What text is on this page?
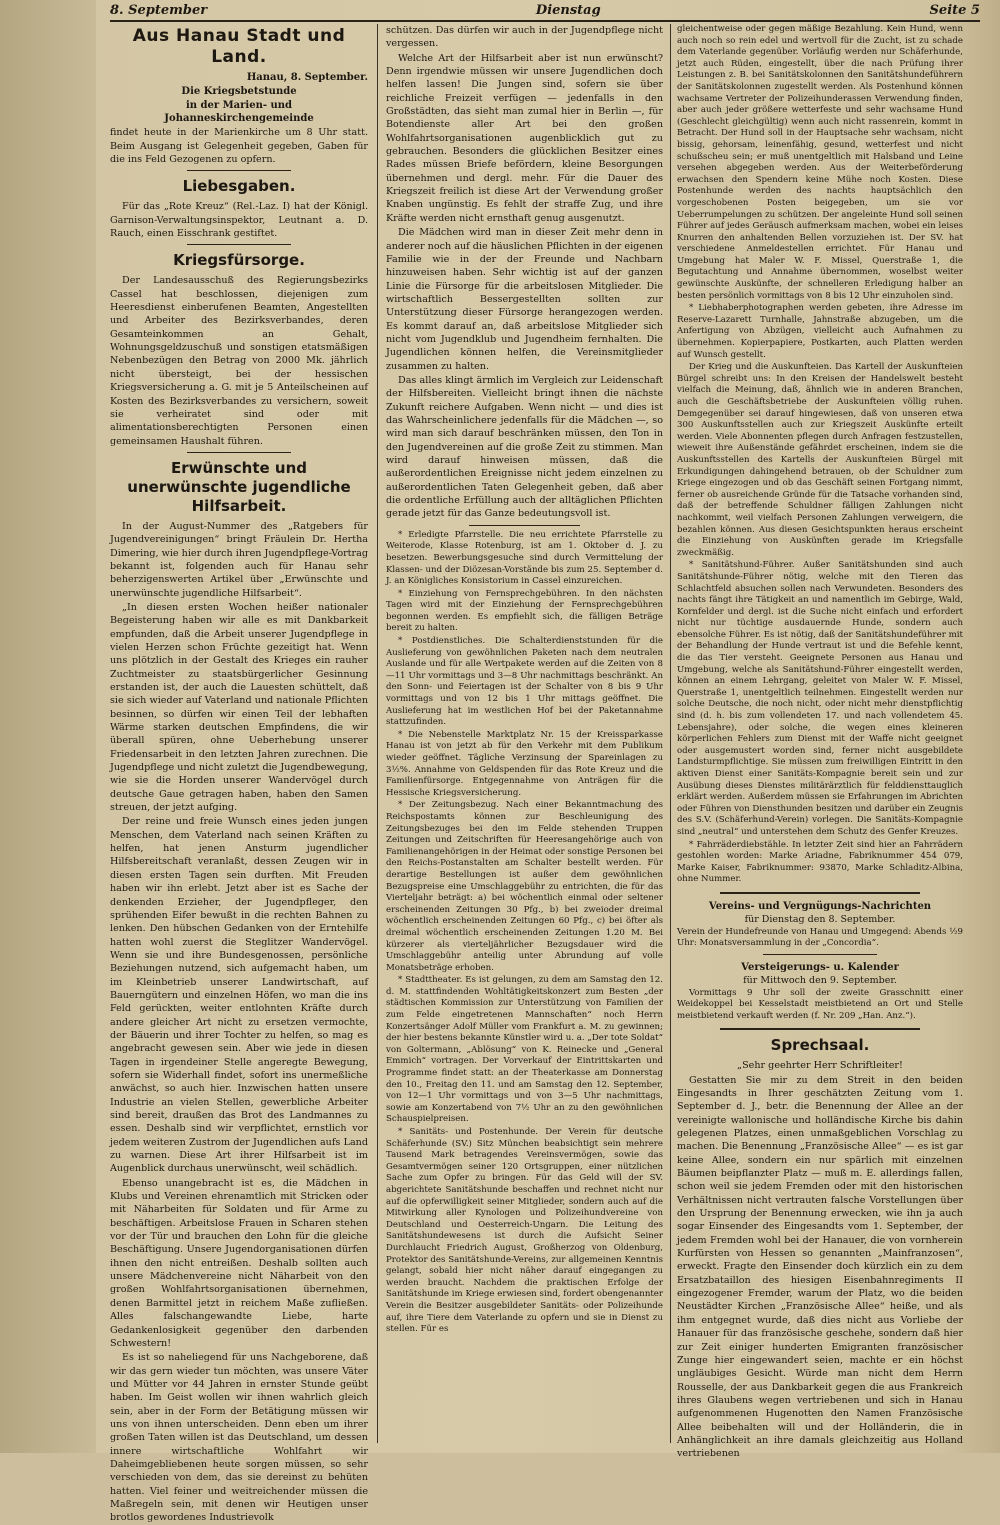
8. September	Dienstag	Seite 5
Aus Hanau Stadt und Land.
Hanau, 8. September.
Die Kriegsbetstunde
in der Marien- und Johanneskirchengemeinde

findet heute in der Marienkirche um 8 Uhr statt. Beim Ausgang ist Gelegenheit gegeben, Gaben für die ins Feld Gezogenen zu opfern.

Liebesgaben.

Für das „Rote Kreuz“ (Rel.-Laz. I) hat der Königl. Garnison-Verwaltungsinspektor, Leutnant a. D. Rauch, einen Eisschrank gestiftet.

Kriegsfürsorge.

Der Landesausschuß des Regierungsbezirks Cassel hat beschlossen, diejenigen zum Heeresdienst einberufenen Beamten, Angestellten und Arbeiter des Bezirksverbandes, deren Gesamteinkommen an Gehalt, Wohnungsgeldzuschuß und sonstigen etatsmäßigen Nebenbezügen den Betrag von 2000 Mk. jährlich nicht übersteigt, bei der hessischen Kriegsversicherung a. G. mit je 5 Anteilscheinen auf Kosten des Bezirksverbandes zu versichern, soweit sie verheiratet sind oder mit alimentationsberechtigten Personen einen gemeinsamen Haushalt führen.

Erwünschte und unerwünschte jugendliche Hilfsarbeit.

In der August-Nummer des „Ratgebers für Jugendvereinigungen“ bringt Fräulein Dr. Hertha Dimering, wie hier durch ihren Jugendpflege-Vortrag bekannt ist, folgenden auch für Hanau sehr beherzigenswerten Artikel über „Erwünschte und unerwünschte jugendliche Hilfsarbeit“.

„In diesen ersten Wochen heißer nationaler Begeisterung haben wir alle es mit Dankbarkeit empfunden, daß die Arbeit unserer Jugendpflege in vielen Herzen schon Früchte gezeitigt hat. Wenn uns plötzlich in der Gestalt des Krieges ein rauher Zuchtmeister zu staatsbürgerlicher Gesinnung erstanden ist, der auch die Lauesten schüttelt, daß sie sich wieder auf Vaterland und nationale Pflichten besinnen, so dürfen wir einen Teil der lebhaften Wärme starken deutschen Empfindens, die wir überall spüren, ohne Ueberhebung unserer Friedensarbeit in den letzten Jahren zurechnen. Die Jugendpflege und nicht zuletzt die Jugendbewegung, wie sie die Horden unserer Wandervögel durch deutsche Gaue getragen haben, haben den Samen streuen, der jetzt aufging.

Der reine und freie Wunsch eines jeden jungen Menschen, dem Vaterland nach seinen Kräften zu helfen, hat jenen Ansturm jugendlicher Hilfsbereitschaft veranlaßt, dessen Zeugen wir in diesen ersten Tagen sein durften. Mit Freuden haben wir ihn erlebt. Jetzt aber ist es Sache der denkenden Erzieher, der Jugendpfleger, den sprühenden Eifer bewußt in die rechten Bahnen zu lenken. Den hübschen Gedanken von der Erntehilfe hatten wohl zuerst die Steglitzer Wandervögel. Wenn sie und ihre Bundesgenossen, persönliche Beziehungen nutzend, sich aufgemacht haben, um im Kleinbetrieb unserer Landwirtschaft, auf Bauerngütern und einzelnen Höfen, wo man die ins Feld gerückten, weiter entlohnten Kräfte durch andere gleicher Art nicht zu ersetzen vermochte, der Bäuerin und ihrer Tochter zu helfen, so mag es angebracht gewesen sein. Aber wie jede in diesen Tagen in irgendeiner Stelle angeregte Bewegung, sofern sie Widerhall findet, sofort ins unermeßliche anwächst, so auch hier. Inzwischen hatten unsere Industrie an vielen Stellen, gewerbliche Arbeiter sind bereit, draußen das Brot des Landmannes zu essen. Deshalb sind wir verpflichtet, ernstlich vor jedem weiteren Zustrom der Jugendlichen aufs Land zu warnen. Diese Art ihrer Hilfsarbeit ist im Augenblick durchaus unerwünscht, weil schädlich.

Ebenso unangebracht ist es, die Mädchen in Klubs und Vereinen ehrenamtlich mit Stricken oder mit Näharbeiten für Soldaten und für Arme zu beschäftigen. Arbeitslose Frauen in Scharen stehen vor der Tür und brauchen den Lohn für die gleiche Beschäftigung. Unsere Jugendorganisationen dürfen ihnen den nicht entreißen. Deshalb sollten auch unsere Mädchenvereine nicht Näharbeit von den großen Wohlfahrtsorganisationen übernehmen, denen Barmittel jetzt in reichem Maße zufließen. Alles falschangewandte Liebe, harte Gedankenlosigkeit gegenüber den darbenden Schwestern!

Es ist so naheliegend für uns Nachgeborene, daß wir das gern wieder tun möchten, was unsere Väter und Mütter vor 44 Jahren in ernster Stunde geübt haben. Im Geist wollen wir ihnen wahrlich gleich sein, aber in der Form der Betätigung müssen wir uns von ihnen unterscheiden. Denn eben um ihrer großen Taten willen ist das Deutschland, um dessen innere wirtschaftliche Wohlfahrt wir Daheimgebliebenen heute sorgen müssen, so sehr verschieden von dem, das sie dereinst zu behüten hatten. Viel feiner und weitreichender müssen die Maßregeln sein, mit denen wir Heutigen unser brotlos gewordenes Industrievolk

schützen. Das dürfen wir auch in der Jugendpflege nicht vergessen.

Welche Art der Hilfsarbeit aber ist nun erwünscht? Denn irgendwie müssen wir unsere Jugendlichen doch helfen lassen! Die Jungen sind, sofern sie über reichliche Freizeit verfügen — jedenfalls in den Großstädten, das sieht man zumal hier in Berlin —, für Botendienste aller Art bei den großen Wohlfahrtsorganisationen augenblicklich gut zu gebrauchen. Besonders die glücklichen Besitzer eines Rades müssen Briefe befördern, kleine Besorgungen übernehmen und dergl. mehr. Für die Dauer des Kriegszeit freilich ist diese Art der Verwendung großer Knaben ungünstig. Es fehlt der straffe Zug, und ihre Kräfte werden nicht ernsthaft genug ausgenutzt.

Die Mädchen wird man in dieser Zeit mehr denn in anderer noch auf die häuslichen Pflichten in der eigenen Familie wie in der der Freunde und Nachbarn hinzuweisen haben. Sehr wichtig ist auf der ganzen Linie die Fürsorge für die arbeitslosen Mitglieder. Die wirtschaftlich Bessergestellten sollten zur Unterstützung dieser Fürsorge herangezogen werden. Es kommt darauf an, daß arbeitslose Mitglieder sich nicht vom Jugendklub und Jugendheim fernhalten. Die Jugendlichen können helfen, die Vereinsmitglieder zusammen zu halten.

Das alles klingt ärmlich im Vergleich zur Leidenschaft der Hilfsbereiten. Vielleicht bringt ihnen die nächste Zukunft reichere Aufgaben. Wenn nicht — und dies ist das Wahrscheinlichere jedenfalls für die Mädchen —, so wird man sich darauf beschränken müssen, den Ton in den Jugendvereinen auf die große Zeit zu stimmen. Man wird darauf hinweisen müssen, daß die außerordentlichen Ereignisse nicht jedem einzelnen zu außerordentlichen Taten Gelegenheit geben, daß aber die ordentliche Erfüllung auch der alltäglichen Pflichten gerade jetzt für das Ganze bedeutungsvoll ist.

* Erledigte Pfarrstelle. Die neu errichtete Pfarrstelle zu Weiterode, Klasse Rotenburg, ist am 1. Oktober d. J. zu besetzen. Bewerbungsgesuche sind durch Vermittelung der Klassen- und der Diözesan-Vorstände bis zum 25. September d. J. an Königliches Konsistorium in Cassel einzureichen.

* Einziehung von Fernsprechgebühren. In den nächsten Tagen wird mit der Einziehung der Fernsprechgebühren begonnen werden. Es empfiehlt sich, die fälligen Beträge bereit zu halten.

* Postdienstliches. Die Schalterdienststunden für die Auslieferung von gewöhnlichen Paketen nach dem neutralen Auslande und für alle Wertpakete werden auf die Zeiten von 8—11 Uhr vormittags und 3—8 Uhr nachmittags beschränkt. An den Sonn- und Feiertagen ist der Schalter von 8 bis 9 Uhr vormittags und von 12 bis 1 Uhr mittags geöffnet. Die Auslieferung hat im westlichen Hof bei der Paketannahme stattzufinden.

* Die Nebenstelle Marktplatz Nr. 15 der Kreissparkasse Hanau ist von jetzt ab für den Verkehr mit dem Publikum wieder geöffnet. Tägliche Verzinsung der Spareinlagen zu 3½%. Annahme von Geldspenden für das Rote Kreuz und die Familienfürsorge. Entgegennahme von Anträgen für die Hessische Kriegsversicherung.

* Der Zeitungsbezug. Nach einer Bekanntmachung des Reichspostamts können zur Beschleunigung des Zeitungsbezuges bei den im Felde stehenden Truppen Zeitungen und Zeitschriften für Heeresangehörige auch von Familienangehörigen in der Heimat oder sonstige Personen bei den Reichs-Postanstalten am Schalter bestellt werden. Für derartige Bestellungen ist außer dem gewöhnlichen Bezugspreise eine Umschlaggebühr zu entrichten, die für das Vierteljahr beträgt: a) bei wöchentlich einmal oder seltener erscheinenden Zeitungen 30 Pfg., b) bei zweioder dreimal wöchentlich erscheinenden Zeitungen 60 Pfg., c) bei öfter als dreimal wöchentlich erscheinenden Zeitungen 1.20 M. Bei kürzerer als vierteljährlicher Bezugsdauer wird die Umschlaggebühr anteilig unter Abrundung auf volle Monatsbeträge erhoben.

* Stadttheater. Es ist gelungen, zu dem am Samstag den 12. d. M. stattfindenden Wohltätigkeitskonzert zum Besten „der städtischen Kommission zur Unterstützung von Familien der zum Felde eingetretenen Mannschaften“ noch Herrn Konzertsänger Adolf Müller vom Frankfurt a. M. zu gewinnen; der hier bestens bekannte Künstler wird u. a. „Der tote Soldat“ von Goltermann, „Ablösung“ von K. Reinecke und „General Emmich“ vortragen. Der Vorverkauf der Eintrittskarten und Programme findet statt: an der Theaterkasse am Donnerstag den 10., Freitag den 11. und am Samstag den 12. September, von 12—1 Uhr vormittags und von 3—5 Uhr nachmittags, sowie am Konzertabend von 7½ Uhr an zu den gewöhnlichen Schauspielpreisen.

* Sanitäts- und Postenhunde. Der Verein für deutsche Schäferhunde (SV.) Sitz München beabsichtigt sein mehrere Tausend Mark betragendes Vereinsvermögen, sowie das Gesamtvermögen seiner 120 Ortsgruppen, einer nützlichen Sache zum Opfer zu bringen. Für das Geld will der SV. abgerichtete Sanitätshunde beschaffen und rechnet nicht nur auf die opferwilligkeit seiner Mitglieder, sondern auch auf die Mitwirkung aller Kynologen und Polizeihundvereine von Deutschland und Oesterreich-Ungarn. Die Leitung des Sanitätshundewesens ist durch die Aufsicht Seiner Durchlaucht Friedrich August, Großherzog von Oldenburg, Protektor des Sanitätshunde-Vereins, zur allgemeinen Kenntnis gelangt, sobald hier nicht näher darauf eingegangen zu werden braucht. Nachdem die praktischen Erfolge der Sanitätshunde im Kriege erwiesen sind, fordert obengenannter Verein die Besitzer ausgebildeter Sanitäts- oder Polizeihunde auf, ihre Tiere dem Vaterlande zu opfern und sie in Dienst zu stellen. Für es

gleichentweise oder gegen mäßige Bezahlung. Kein Hund, wenn auch noch so rein edel und wertvoll für die Zucht, ist zu schade dem Vaterlande gegenüber. Vorläufig werden nur Schäferhunde, jetzt auch Rüden, eingestellt, über die nach Prüfung ihrer Leistungen z. B. bei Sanitätskolonnen den Sanitätshundeführern der Sanitätskolonnen zugestellt werden. Als Postenhund können wachsame Vertreter der Polizeihunderassen Verwendung finden, aber auch jeder größere wetterfeste und sehr wachsame Hund (Geschlecht gleichgültig) wenn auch nicht rassenrein, kommt in Betracht. Der Hund soll in der Hauptsache sehr wachsam, nicht bissig, gehorsam, leinenfähig, gesund, wetterfest und nicht schußscheu sein; er muß unentgeltlich mit Halsband und Leine versehen abgegeben werden. Aus der Weiterbeförderung erwachsen den Spendern keine Mühe noch Kosten. Diese Postenhunde werden des nachts hauptsächlich den vorgeschobenen Posten beigegeben, um sie vor Ueberrumpelungen zu schützen. Der angeleinte Hund soll seinen Führer auf jedes Geräusch aufmerksam machen, wobei ein leises Knurren den anhaltenden Bellen vorzuziehen ist. Der SV. hat verschiedene Anmeldestellen errichtet. Für Hanau und Umgebung hat Maler W. F. Missel, Querstraße 1, die Begutachtung und Annahme übernommen, woselbst weiter gewünschte Auskünfte, der schnelleren Erledigung halber an besten persönlich vormittags von 8 bis 12 Uhr einzuholen sind.

* Liebhaberphotographen werden gebeten, ihre Adresse im Reserve-Lazarett Turnhalle, Jahnstraße abzugeben, um die Anfertigung von Abzügen, vielleicht auch Aufnahmen zu übernehmen. Kopierpapiere, Postkarten, auch Platten werden auf Wunsch gestellt.

Der Krieg und die Auskunfteien. Das Kartell der Auskunfteien Bürgel schreibt uns: In den Kreisen der Handelswelt besteht vielfach die Meinung, daß, ähnlich wie in anderen Branchen, auch die Geschäftsbetriebe der Auskunfteien völlig ruhen. Demgegenüber sei darauf hingewiesen, daß von unseren etwa 300 Auskunftsstellen auch zur Kriegszeit Auskünfte erteilt werden. Viele Abonnenten pflegen durch Anfragen festzustellen, wieweit ihre Außenstände gefährdet erscheinen, indem sie die Auskunftsstellen des Kartells der Auskunfteien Bürgel mit Erkundigungen dahingehend betrauen, ob der Schuldner zum Kriege eingezogen und ob das Geschäft seinen Fortgang nimmt, ferner ob ausreichende Gründe für die Tatsache vorhanden sind, daß der betreffende Schuldner fälligen Zahlungen nicht nachkommt, weil vielfach Personen Zahlungen verweigern, die bezahlen können. Aus diesen Gesichtspunkten heraus erscheint die Einziehung von Auskünften gerade im Kriegsfalle zweckmäßig.

* Sanitätshund-Führer. Außer Sanitätshunden sind auch Sanitätshunde-Führer nötig, welche mit den Tieren das Schlachtfeld absuchen sollen nach Verwundeten. Besonders des nachts fängt ihre Tätigkeit an und namentlich im Gebirge, Wald, Kornfelder und dergl. ist die Suche nicht einfach und erfordert nicht nur tüchtige ausdauernde Hunde, sondern auch ebensolche Führer. Es ist nötig, daß der Sanitätshundeführer mit der Behandlung der Hunde vertraut ist und die Befehle kennt, die das Tier versteht. Geeignete Personen aus Hanau und Umgebung, welche als Sanitätshund-Führer eingestellt werden, können an einem Lehrgang, geleitet von Maler W. F. Missel, Querstraße 1, unentgeltlich teilnehmen. Eingestellt werden nur solche Deutsche, die noch nicht, oder nicht mehr dienstpflichtig sind (d. h. bis zum vollendeten 17. und nach vollendetem 45. Lebensjahre), oder solche, die wegen eines kleineren körperlichen Fehlers zum Dienst mit der Waffe nicht geeignet oder ausgemustert worden sind, ferner nicht ausgebildete Landsturmpflichtige. Sie müssen zum freiwilligen Eintritt in den aktiven Dienst einer Sanitäts-Kompagnie bereit sein und zur Ausübung dieses Dienstes militärärztlich für felddiensttauglich erklärt werden. Außerdem müssen sie Erfahrungen im Abrichten oder Führen von Diensthunden besitzen und darüber ein Zeugnis des S.V. (Schäferhund-Verein) vorlegen. Die Sanitäts-Kompagnie sind „neutral“ und unterstehen dem Schutz des Genfer Kreuzes.

* Fahrräderdiebstähle. In letzter Zeit sind hier an Fahrrädern gestohlen worden: Marke Ariadne, Fabriknummer 454 079, Marke Kaiser, Fabriknummer: 93870, Marke Schladitz-Albina, ohne Nummer.

Vereins- und Vergnügungs-Nachrichten
für Dienstag den 8. September.

Verein der Hundefreunde von Hanau und Umgegend: Abends ½9 Uhr: Monatsversammlung in der „Concordia“.

Versteigerungs- u. Kalender
für Mittwoch den 9. September.

Vormittags 9 Uhr soll der zweite Grasschnitt einer Weidekoppel bei Kesselstadt meistbietend an Ort und Stelle meistbietend verkauft werden (f. Nr. 209 „Han. Anz.“).

Sprechsaal.

„Sehr geehrter Herr Schriftleiter!

Gestatten Sie mir zu dem Streit in den beiden Eingesandts in Ihrer geschätzten Zeitung vom 1. September d. J., betr. die Benennung der Allee an der vereinigte wallonische und holländische Kirche bis dahin gelegenen Platzes, einen unmaßgeblichen Vorschlag zu machen. Die Benennung „Französische Allee“ — es ist gar keine Allee, sondern ein nur spärlich mit einzelnen Bäumen beipflanzter Platz — muß m. E. allerdings fallen, schon weil sie jedem Fremden oder mit den historischen Verhältnissen nicht vertrauten falsche Vorstellungen über den Ursprung der Benennung erwecken, wie ihn ja auch sogar Einsender des Eingesandts vom 1. September, der jedem Fremden wohl bei der Hanauer, die von vornherein Kurfürsten von Hessen so genannten „Mainfranzosen“, erweckt. Fragte den Einsender doch kürzlich ein zu dem Ersatzbataillon des hiesigen Eisenbahnregiments II eingezogener Fremder, warum der Platz, wo die beiden Neustädter Kirchen „Französische Allee“ heiße, und als ihm entgegnet wurde, daß dies nicht aus Vorliebe der Hanauer für das französische geschehe, sondern daß hier zur Zeit einiger hunderten Emigranten französischer Zunge hier eingewandert seien, machte er ein höchst ungläubiges Gesicht. Würde man nicht dem Herrn Rousselle, der aus Dankbarkeit gegen die aus Frankreich ihres Glaubens wegen vertriebenen und sich in Hanau aufgenommenen Hugenotten den Namen Französische Allee beibehalten will und der Holländerin, die in Anhänglichkeit an ihre damals gleichzeitig aus Holland vertriebenen
